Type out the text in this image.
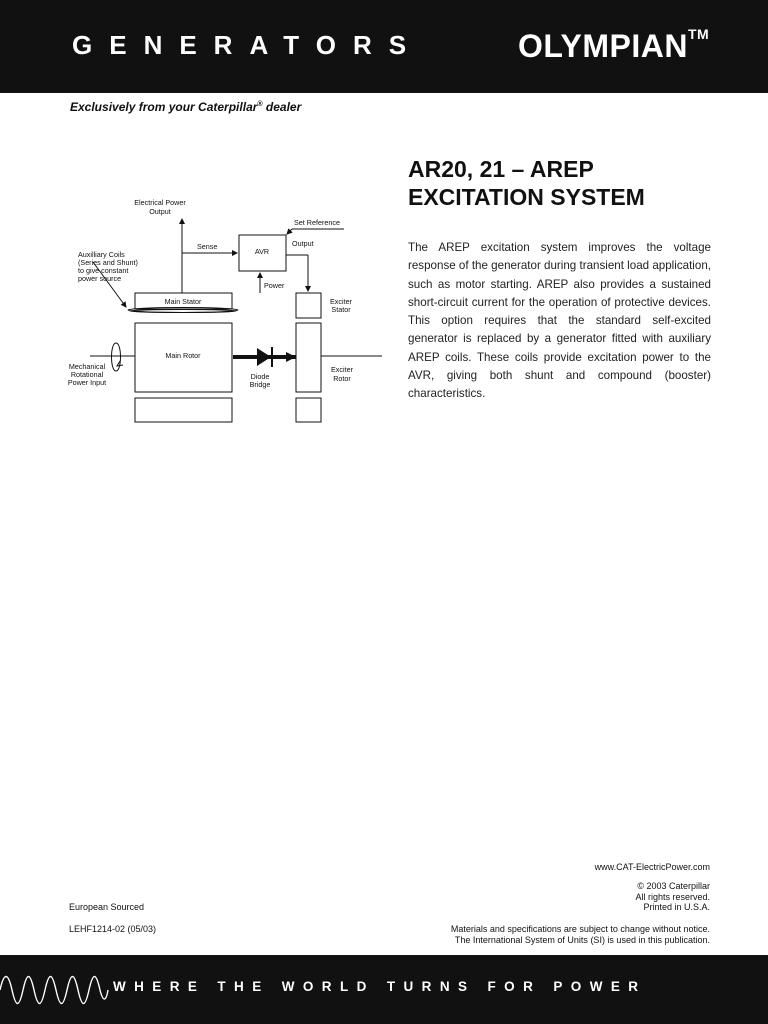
GENERATORS	OLYMPIAN™
Exclusively from your Caterpillar® dealer
AR20, 21 – AREP
EXCITATION SYSTEM
The AREP excitation system improves the voltage response of the generator during transient load application, such as motor starting. AREP also provides a sustained short-circuit current for the operation of protective devices. This option requires that the standard self-excited generator is replaced by a generator fitted with auxiliary AREP coils. These coils provide excitation power to the AVR, giving both shunt and compound (booster) characteristics.
Electrical Power
Output
Set Reference
Sense
AVR
Output
Power
Auxilliary Coils
(Series and Shunt)
to give constant
power source
Main Stator	Exciter
Stator
Main Rotor
Mechanical
Rotational
Power Input
Diode
Bridge
Exciter
Rotor
www.CAT-ElectricPower.com
© 2003 Caterpillar
All rights reserved.
Printed in U.S.A.
European Sourced
LEHF1214-02 (05/03)	Materials and specifications are subject to change without notice.
The International System of Units (SI) is used in this publication.
WHERE THE WORLD TURNS FOR POWER
